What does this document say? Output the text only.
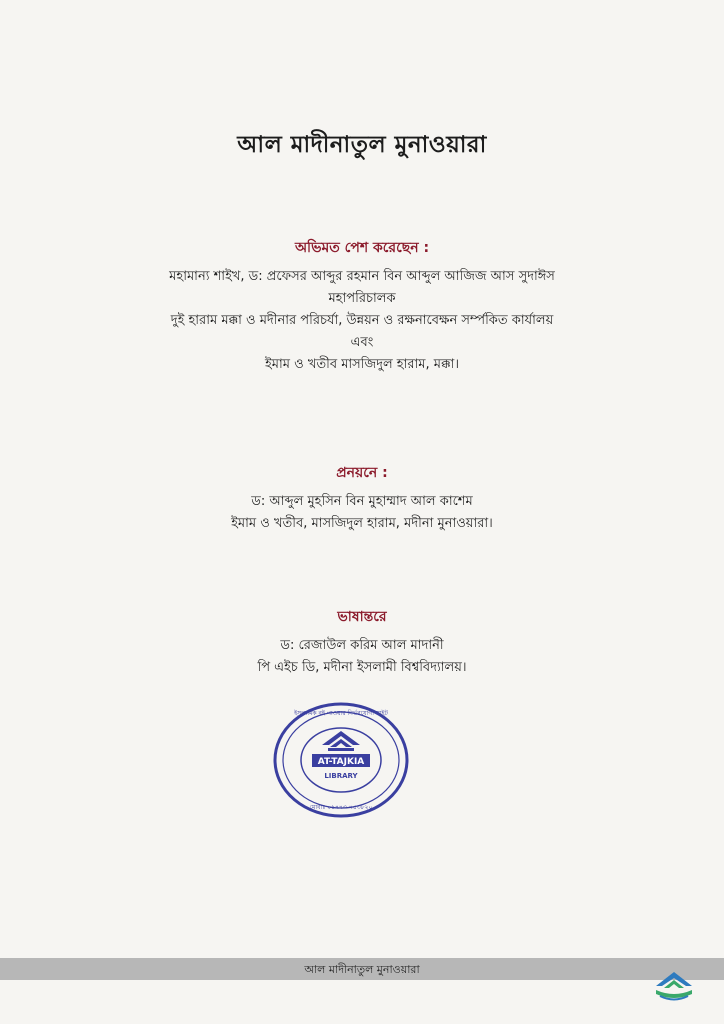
আল মাদীনাতুল মুনাওয়ারা
অভিমত পেশ করেছেন :
মহামান্য শাইখ, ড: প্রফেসর আব্দুর রহমান বিন আব্দুল আজিজ আস সুদাঈস
মহাপরিচালক
দুই হারাম মক্কা ও মদীনার পরিচর্যা, উন্নয়ন ও রক্ষনাবেক্ষন সর্ম্পকিত কার্যালয়
এবং
ইমাম ও খতীব মাসজিদুল হারাম, মক্কা।
প্রনয়নে :
ড: আব্দুল মুহসিন বিন মুহাম্মাদ আল কাশেম
ইমাম ও খতীব, মাসজিদুল হারাম, মদীনা মুনাওয়ারা।
ভাষান্তরে
ড: রেজাউল করিম আল মাদানী
পি এইচ ডি, মদীনা ইসলামী বিশ্ববিদ্যালয়।
AT-TAJKIA
LIBRARY
ইসলামিক বই পাওয়ার নির্ভরযোগ্য সাইট
মোবাঃ ০১৭৭৩-৭৫৩৮২০
আল মাদীনাতুল মুনাওয়ারা
